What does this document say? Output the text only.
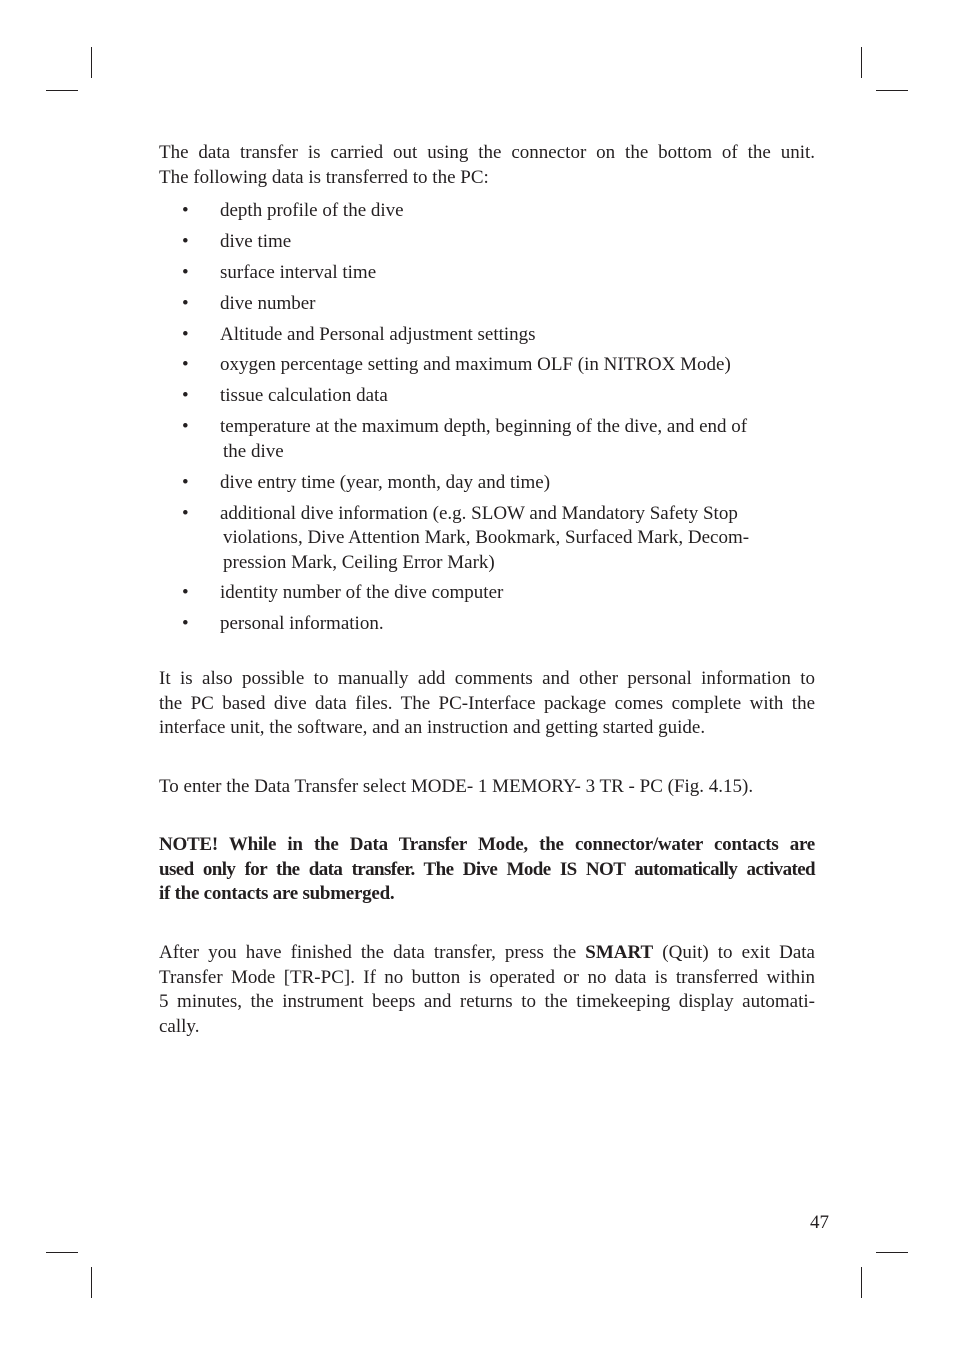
The data transfer is carried out using the connector on the bottom of the unit.
The following data is transferred to the PC:
• depth profile of the dive
• dive time
• surface interval time
• dive number
• Altitude and Personal adjustment settings
• oxygen percentage setting and maximum OLF (in NITROX Mode)
• tissue calculation data
• temperature at the maximum depth, beginning of the dive, and end of
the dive
• dive entry time (year, month, day and time)
• additional dive information (e.g. SLOW and Mandatory Safety Stop
violations, Dive Attention Mark, Bookmark, Surfaced Mark, Decom-
pression Mark, Ceiling Error Mark)
• identity number of the dive computer
• personal information.
It is also possible to manually add comments and other personal information to
the PC based dive data files. The PC-Interface package comes complete with the
interface unit, the software, and an instruction and getting started guide.
To enter the Data Transfer select MODE- 1 MEMORY- 3 TR - PC (Fig. 4.15).
NOTE! While in the Data Transfer Mode, the connector/water contacts are
used only for the data transfer. The Dive Mode IS NOT automatically activated
if the contacts are submerged.
After you have finished the data transfer, press the SMART (Quit) to exit Data
Transfer Mode [TR-PC]. If no button is operated or no data is transferred within
5 minutes, the instrument beeps and returns to the timekeeping display automati-
cally.
47
